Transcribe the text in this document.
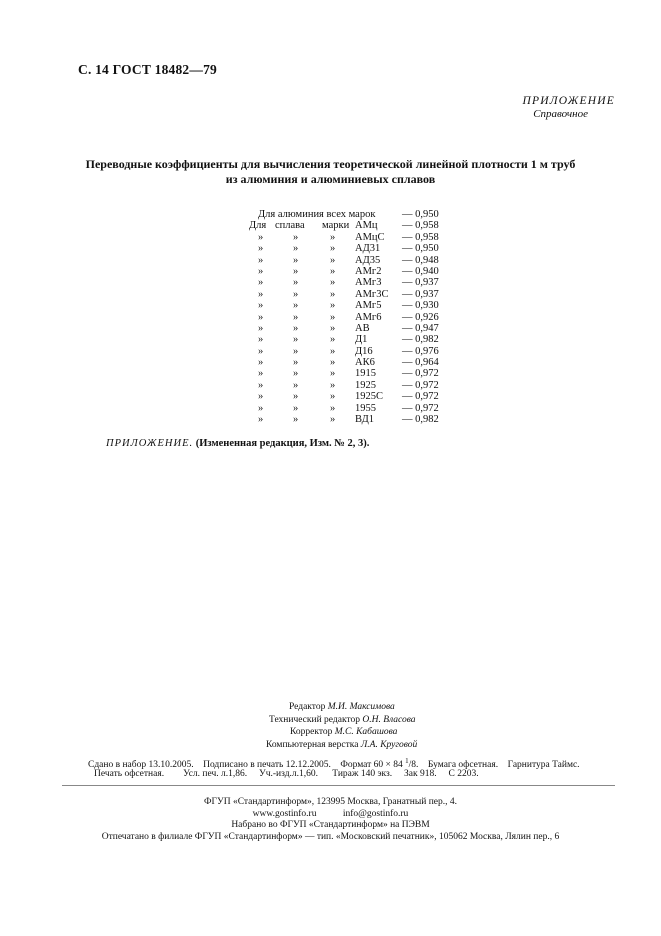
С. 14 ГОСТ 18482—79
ПРИЛОЖЕНИЕ
Справочное
Переводные коэффициенты для вычисления теоретической линейной плотности 1 м труб
из алюминия и алюминиевых сплавов
Для алюминия всех марок	— 0,950
Для сплава марки АМц — 0,958
»	»	» АМцС — 0,958
»	»	» АД31 — 0,950
»	»	» АД35 — 0,948
»	»	» АМг2 — 0,940
»	»	» АМг3 — 0,937
»	»	» АМг3С — 0,937
»	»	» АМг5 — 0,930
»	»	» АМг6 — 0,926
»	»	» АВ	— 0,947
»	»	» Д1	— 0,982
»	»	» Д16	— 0,976
»	»	» АК6	— 0,964
»	»	» 1915 — 0,972
»	»	» 1925 — 0,972
»	»	» 1925С — 0,972
»	»	» 1955 — 0,972
»	»	» ВД1	— 0,982
ПРИЛОЖЕНИЕ. (Измененная редакция, Изм. № 2, 3).
Редактор М.И. Максимова
Технический редактор О.Н. Власова
Корректор М.С. Кабашова
Компьютерная верстка Л.А. Круговой
Сдано в набор 13.10.2005. Подписано в печать 12.12.2005. Формат 60 × 84 $^1$/8. Бумага офсетная. Гарнитура Таймс.
Печать офсетная. Усл. печ. л.1,86. Уч.-изд.л.1,60. Тираж 140 экз. Зак 918. С 2203.
ФГУП «Стандартинформ», 123995 Москва, Гранатный пер., 4.
www.gostinfo.ru	info@gostinfo.ru
Набрано во ФГУП «Стандартинформ» на ПЭВМ
Отпечатано в филиале ФГУП «Стандартинформ» — тип. «Московский печатник», 105062 Москва, Лялин пер., 6
